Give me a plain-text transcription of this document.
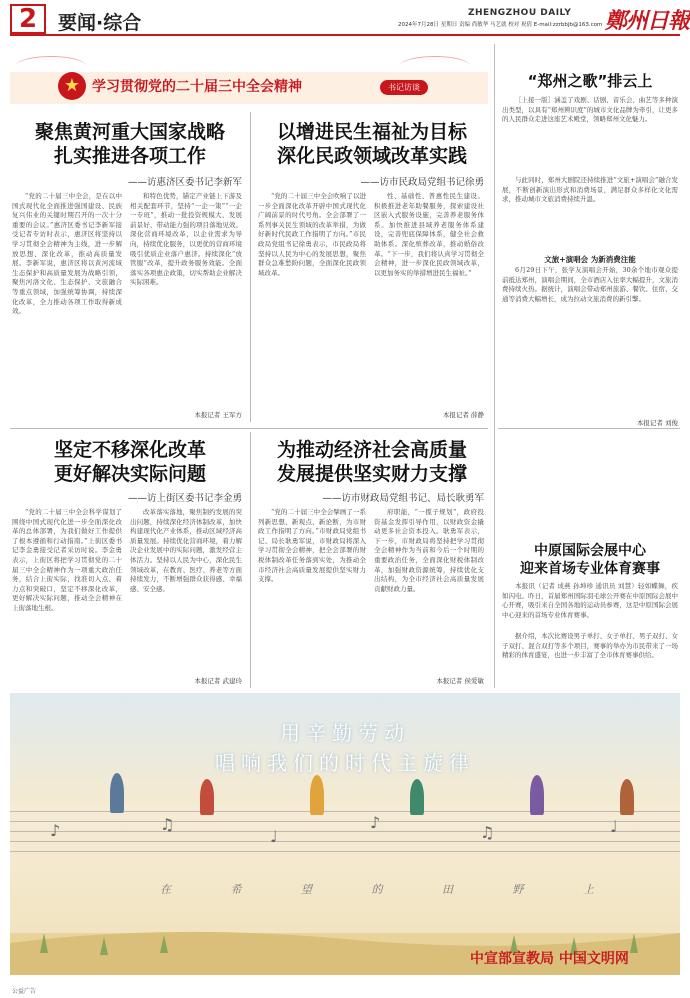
2	要闻·综合	ZHENGZHOU DAILY
2024年7月28日 星期日 责编 尚敏华 马艺就 校对 祝倩 E-mail:zzrbbjb@163.com 鄭州日報
★ 学习贯彻党的二十届三中全会精神	书记访谈
聚焦黄河重大国家战略
扎实推进各项工作
——访惠济区委书记李新军

“党的二十届三中全会，是在以中国式现代化全面推进强国建设、民族复兴伟业的关键时期召开的一次十分重要的会议。”惠济区委书记李新军接受记者专访时表示，惠济区将坚持以学习贯彻全会精神为主线，进一步解放思想、深化改革，推动高质量发展。李新军说，惠济区将以黄河流域生态保护和高质量发展为战略引领，聚焦河洛文化、生态保护、文旅融合等重点领域，加强统筹协调，持续深化改革，全力推动各项工作取得新成效。

和特色优势，锚定产业链上下游及相关配套环节，坚持“一企一策”“一企一专班”，推动一批投资规模大、发展前景好、带动能力强的项目落地见效。深化营商环境改革，以企业需求为导向，持续优化服务，以更优的营商环境吸引优质企业落户惠济。持续深化“放管服”改革，提升政务服务效能。全面落实各项惠企政策，切实帮助企业解决实际困难。

本报记者 王军方
以增进民生福祉为目标
深化民政领域改革实践
——访市民政局党组书记徐勇

“党的二十届三中全会吹响了以进一步全面深化改革开辟中国式现代化广阔前景的时代号角。全会部署了一系列事关民生领域的改革举措，为做好新时代民政工作指明了方向。”市民政局党组书记徐勇表示，市民政局将坚持以人民为中心的发展思想，聚焦群众急难愁盼问题，全面深化民政领域改革。

性、基础性、普惠性民生建设。积极推进老年助餐服务，探索建设社区嵌入式服务设施，完善养老服务体系。加快推进县域养老服务体系建设，完善兜底保障体系，健全社会救助体系。深化殡葬改革，推动婚俗改革。“下一步，我们将认真学习贯彻全会精神，进一步深化民政领域改革，以更加务实的举措增进民生福祉。”

本报记者 薛静
坚定不移深化改革
更好解决实际问题
——访上街区委书记李金勇

“党的二十届三中全会科学谋划了围绕中国式现代化进一步全面深化改革的总体部署，为我们做好工作提供了根本遵循和行动指南。”上街区委书记李金勇接受记者采访时说。李金勇表示，上街区将把学习贯彻党的二十届三中全会精神作为一项重大政治任务，结合上街实际，找准切入点、着力点和突破口，坚定不移深化改革，更好解决实际问题，推动全会精神在上街落地生根。

改革落实落地，聚焦制约发展的突出问题，持续深化经济体制改革，加快构建现代化产业体系，推动区域经济高质量发展。持续优化营商环境，着力解决企业发展中的实际问题，激发经营主体活力。坚持以人民为中心，深化民生领域改革，在教育、医疗、养老等方面持续发力，不断增强群众获得感、幸福感、安全感。

本报记者 武建玲
为推动经济社会高质量
发展提供坚实财力支撑
——访市财政局党组书记、局长耿勇军

“党的二十届三中全会擘画了一系列新思想、新观点、新论断，为市财政工作指明了方向。”市财政局党组书记、局长耿勇军说，市财政局将深入学习贯彻全会精神，把全会部署的财税体制改革任务落到实处，为推动全市经济社会高质量发展提供坚实财力支撑。

府职能，“一揽子规划”，政府投资基金发挥引导作用，以财政资金撬动更多社会资本投入。耿勇军表示，下一步，市财政局将坚持把学习贯彻全会精神作为当前和今后一个时期的重要政治任务，全面深化财税体制改革，加强财政资源统筹，持续优化支出结构，为全市经济社会高质量发展贡献财政力量。

本报记者 侯爱敏
“郑州之歌”排云上

［上接一版］涵盖了戏剧、话剧、音乐会、曲艺等多种演出类型，以具有“郑州辨识度”的城市文化品牌为牵引，让更多的人民群众走进这座艺术殿堂，领略郑州文化魅力。

与此同时，郑州大剧院还持续推进“文旅+演唱会”融合发展，不断创新演出形式和消费场景，满足群众多样化文化需求，推动城市文旅消费持续升温。

文旅+演唱会 为新消费注能

6月29日下午，张学友演唱会开始，30余个地市观众提前抵达郑州，演唱会期间，全市酒店入住率大幅提升，文旅消费持续火热。据统计，演唱会带动郑州旅游、餐饮、住宿、交通等消费大幅增长，成为拉动文旅消费的新引擎。

本报记者 刘俊
中原国际会展中心
迎来首场专业体育赛事

本报讯（记者 成燕 孙坤珍 通讯员 刘慧）轻如蝶舞，疾如闪电。昨日，首届郑州国际羽毛球公开赛在中原国际会展中心开赛，吸引来自全国各地的运动员参赛，这是中原国际会展中心迎来的首场专业体育赛事。

据介绍，本次比赛设男子单打、女子单打、男子双打、女子双打、混合双打等多个项目，赛事的举办为市民带来了一场精彩的体育盛宴，也进一步丰富了全市体育赛事供给。

用辛勤劳动
唱响我们的时代主旋律
♪	♫
♩
♪
♫	♩
在 希 望 的 田 野 上
中宣部宣教局 中国文明网
公益广告
